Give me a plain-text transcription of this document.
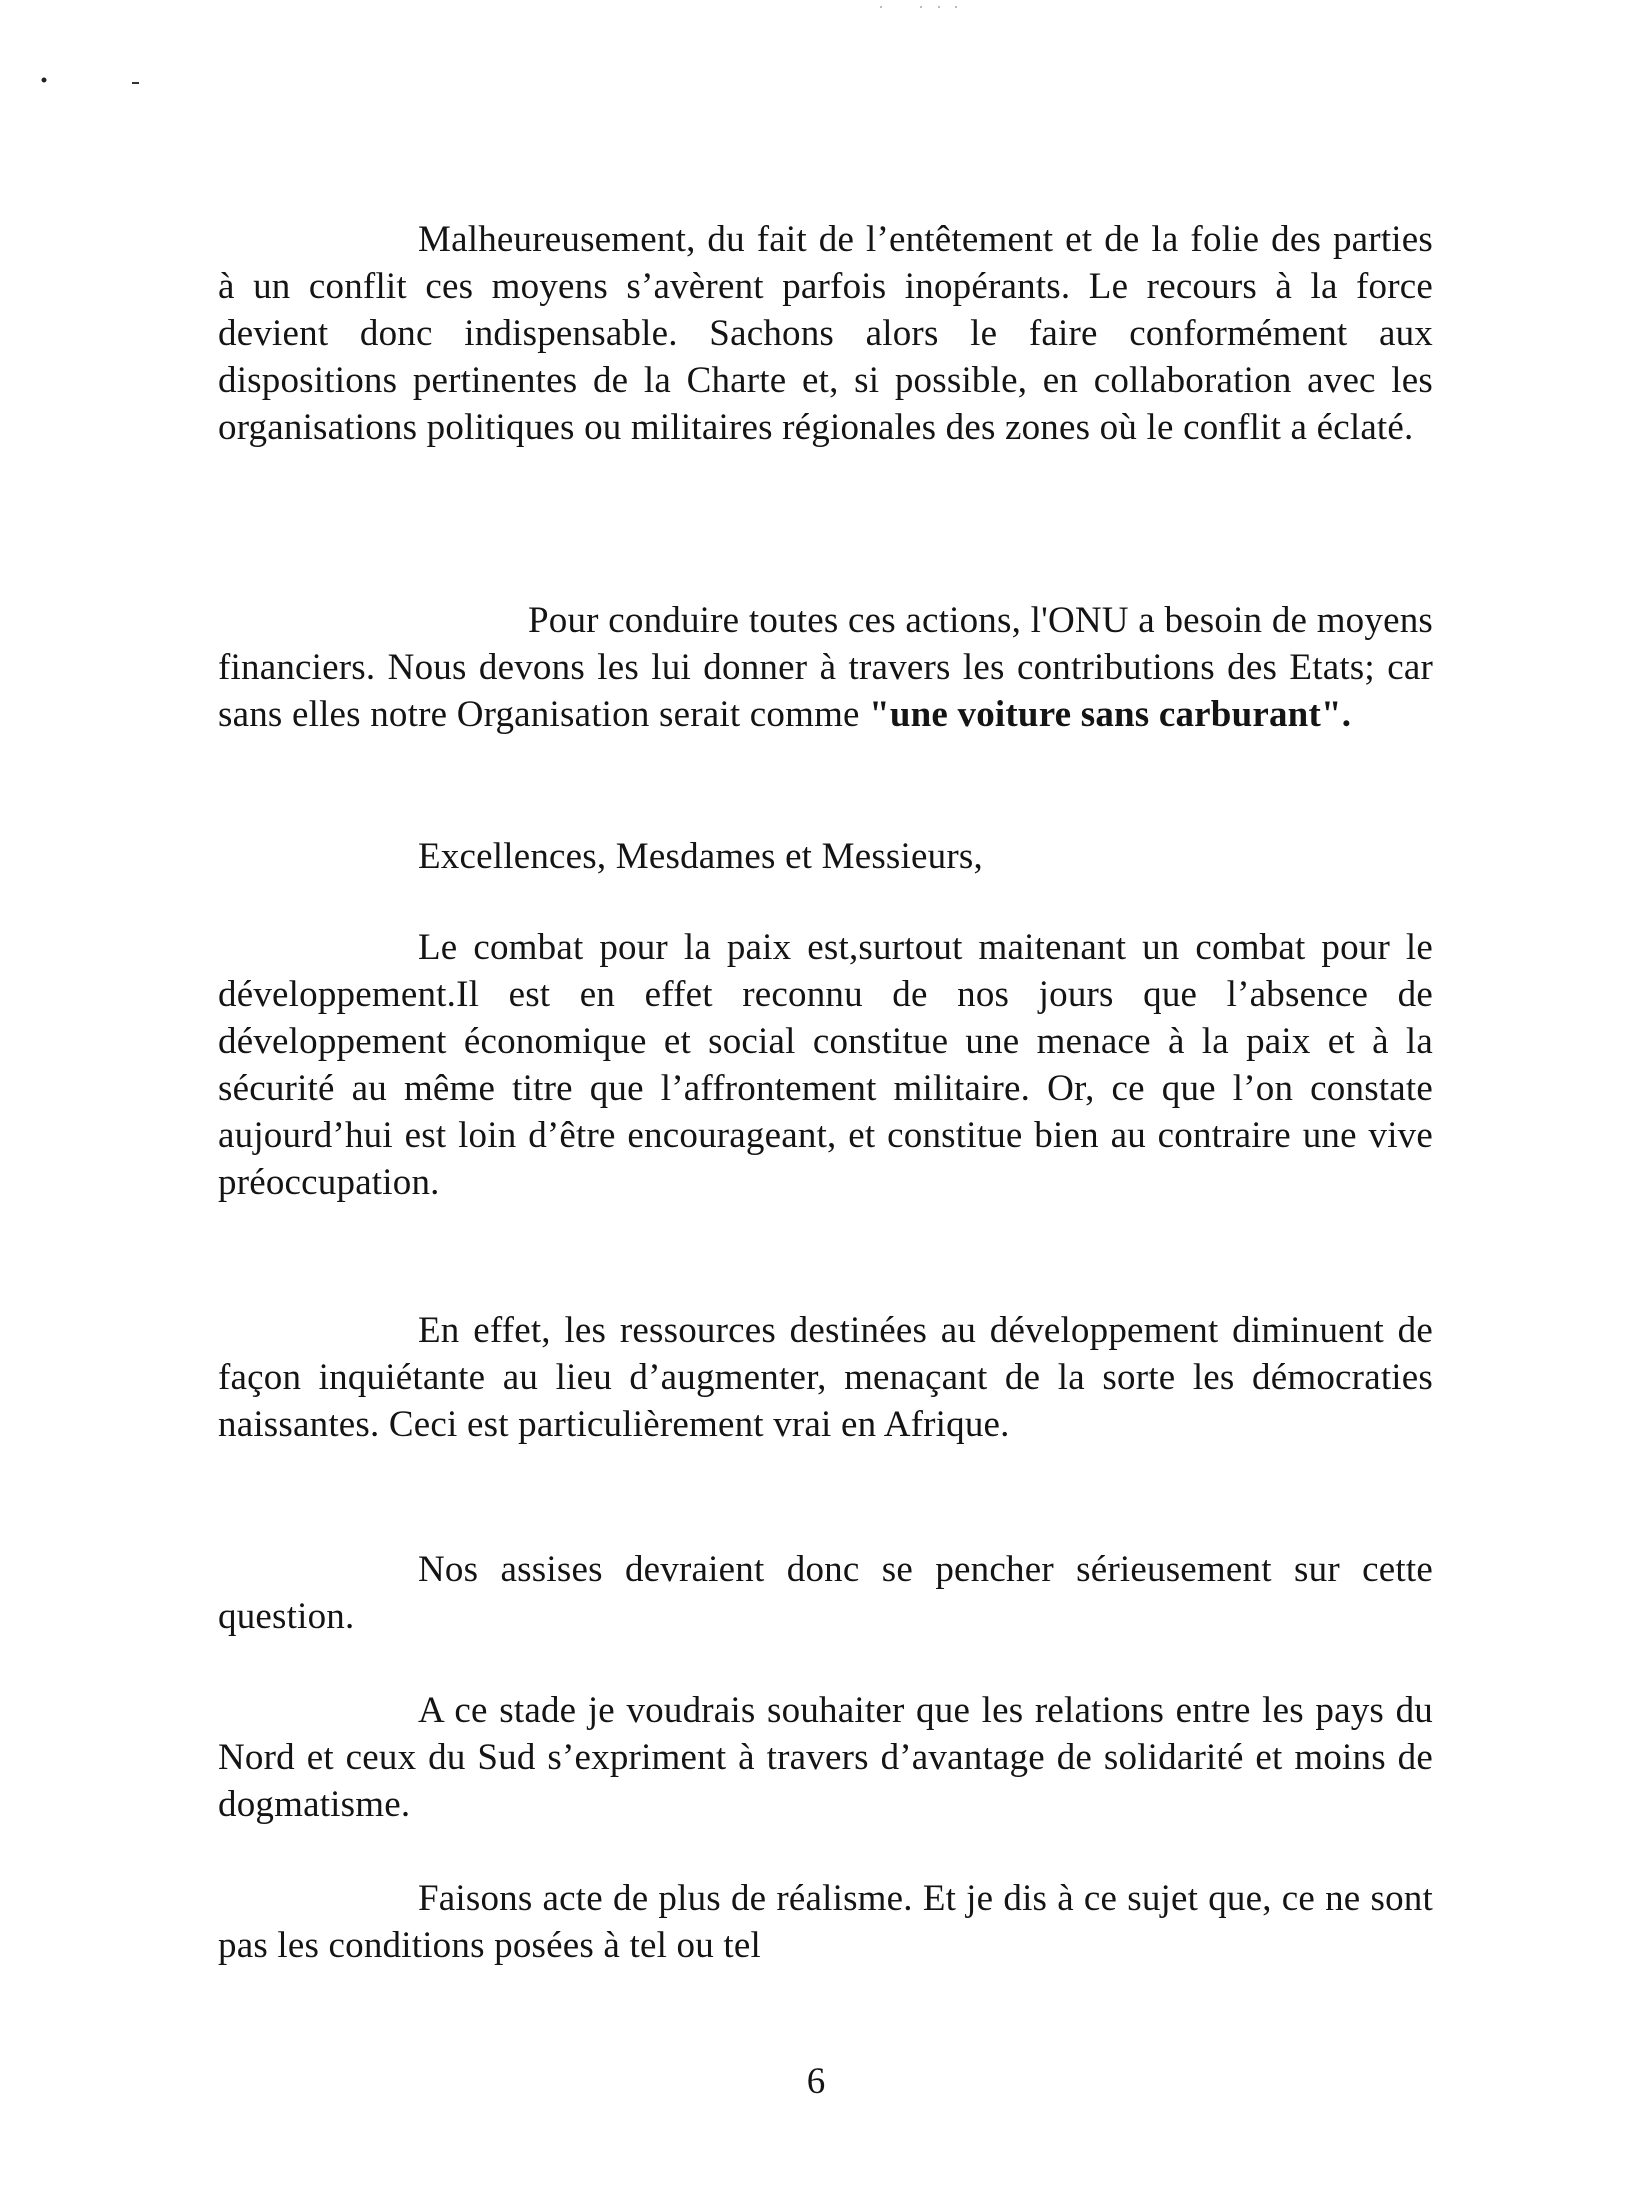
Malheureusement, du fait de l’entêtement et de la folie des parties à un conflit ces moyens s’avèrent parfois inopérants. Le recours à la force devient donc indispensable. Sachons alors le faire conformément aux dispositions pertinentes de la Charte et, si possible, en collaboration avec les organisations politiques ou militaires régionales des zones où le conflit a éclaté.

Pour conduire toutes ces actions, l'ONU a besoin de moyens financiers. Nous devons les lui donner à travers les contributions des Etats; car sans elles notre Organisation serait comme "une voiture sans carburant".

Excellences, Mesdames et Messieurs,

Le combat pour la paix est,surtout maitenant un combat pour le développement.Il est en effet reconnu de nos jours que l’absence de développement économique et social constitue une menace à la paix et à la sécurité au même titre que l’affrontement militaire. Or, ce que l’on constate aujourd’hui est loin d’être encourageant, et constitue bien au contraire une vive préoccupation.

En effet, les ressources destinées au développement diminuent de façon inquiétante au lieu d’augmenter, menaçant de la sorte les démocraties naissantes. Ceci est particulièrement vrai en Afrique.

Nos assises devraient donc se pencher sérieusement sur cette question.

A ce stade je voudrais souhaiter que les relations entre les pays du Nord et ceux du Sud s’expriment à travers d’avantage de solidarité et moins de dogmatisme.

Faisons acte de plus de réalisme. Et je dis à ce sujet que, ce ne sont pas les conditions posées à tel ou tel

6
